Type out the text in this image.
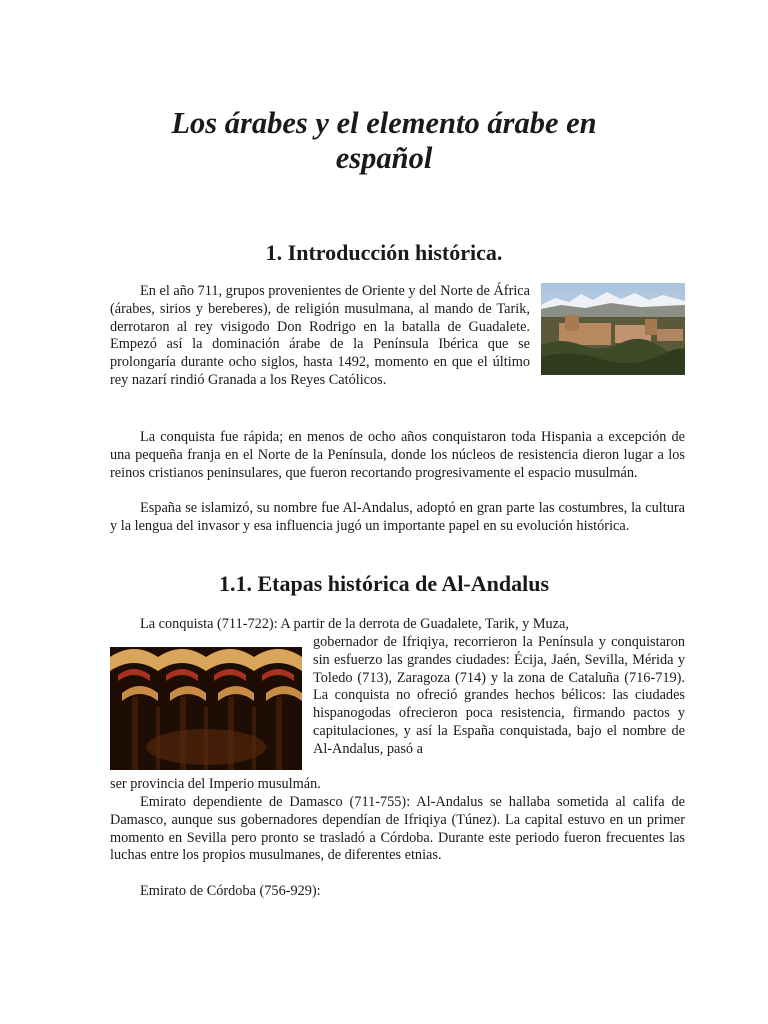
Los árabes y el elemento árabe en
español
1. Introducción histórica.
En el año 711, grupos provenientes de Oriente y del Norte de África (árabes, sirios y bereberes), de religión musulmana, al mando de Tarik, derrotaron al rey visigodo Don Rodrigo en la batalla de Guadalete. Empezó así la dominación árabe de la Península Ibérica que se prolongaría durante ocho siglos, hasta 1492, momento en que el último rey nazarí rindió Granada a los Reyes Católicos.
La conquista fue rápida; en menos de ocho años conquistaron toda Hispania a excepción de una pequeña franja en el Norte de la Península, donde los núcleos de resistencia dieron lugar a los reinos cristianos peninsulares, que fueron recortando progresivamente el espacio musulmán.
España se islamizó, su nombre fue Al-Andalus, adoptó en gran parte las costumbres, la cultura y la lengua del invasor y esa influencia jugó un importante papel en su evolución histórica.
1.1. Etapas histórica de Al-Andalus
La conquista (711-722): A partir de la derrota de Guadalete, Tarik, y Muza,
gobernador de Ifriqiya, recorrieron la Península y conquistaron sin esfuerzo las grandes ciudades: Écija, Jaén, Sevilla, Mérida y Toledo (713), Zaragoza (714) y la zona de Cataluña (716-719). La conquista no ofreció grandes hechos bélicos: las ciudades hispanogodas ofrecieron poca resistencia, firmando pactos y capitulaciones, y así la España conquistada, bajo el nombre de Al-Andalus, pasó a
ser provincia del Imperio musulmán.
Emirato dependiente de Damasco (711-755): Al-Andalus se hallaba sometida al califa de Damasco, aunque sus gobernadores dependían de Ifriqiya (Túnez). La capital estuvo en un primer momento en Sevilla pero pronto se trasladó a Córdoba. Durante este periodo fueron frecuentes las luchas entre los propios musulmanes, de diferentes etnias.
Emirato de Córdoba (756-929):
